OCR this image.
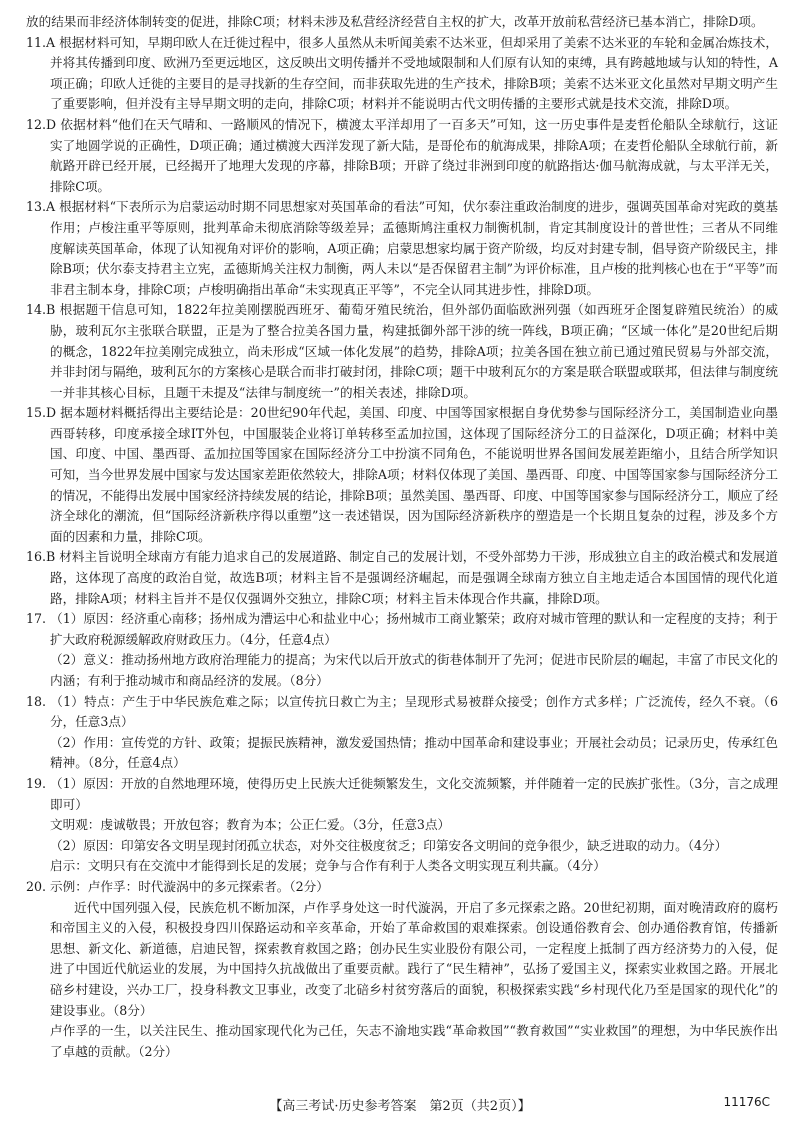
放的结果而非经济体制转变的促进，排除C项；材料未涉及私营经济经营自主权的扩大，改革开放前私营经济已基本消亡，排除D项。

11.A 根据材料可知，早期印欧人在迁徙过程中，很多人虽然从未听闻美索不达米亚，但却采用了美索不达米亚的车轮和金属冶炼技术，并将其传播到印度、欧洲乃至更远地区，这反映出文明传播并不受地域限制和人们原有认知的束缚，具有跨越地域与认知的特性，A项正确；印欧人迁徙的主要目的是寻找新的生存空间，而非获取先进的生产技术，排除B项；美索不达米亚文化虽然对早期文明产生了重要影响，但并没有主导早期文明的走向，排除C项；材料并不能说明古代文明传播的主要形式就是技术交流，排除D项。

12.D 依据材料“他们在天气晴和、一路顺风的情况下，横渡太平洋却用了一百多天”可知，这一历史事件是麦哲伦船队全球航行，这证实了地圆学说的正确性，D项正确；通过横渡大西洋发现了新大陆，是哥伦布的航海成果，排除A项；在麦哲伦船队全球航行前，新航路开辟已经开展，已经揭开了地理大发现的序幕，排除B项；开辟了绕过非洲到印度的航路指达·伽马航海成就，与太平洋无关，排除C项。

13.A 根据材料“下表所示为启蒙运动时期不同思想家对英国革命的看法”可知，伏尔泰注重政治制度的进步，强调英国革命对宪政的奠基作用；卢梭注重平等原则，批判革命未彻底消除等级差异；孟德斯鸠注重权力制衡机制，肯定其制度设计的普世性；三者从不同维度解读英国革命，体现了认知视角对评价的影响，A项正确；启蒙思想家均属于资产阶级，均反对封建专制，倡导资产阶级民主，排除B项；伏尔泰支持君主立宪，孟德斯鸠关注权力制衡，两人未以“是否保留君主制”为评价标准，且卢梭的批判核心也在于“平等”而非君主制本身，排除C项；卢梭明确指出革命“未实现真正平等”，不完全认同其进步性，排除D项。

14.B 根据题干信息可知，1822年拉美刚摆脱西班牙、葡萄牙殖民统治，但外部仍面临欧洲列强（如西班牙企图复辟殖民统治）的威胁，玻利瓦尔主张联合联盟，正是为了整合拉美各国力量，构建抵御外部干涉的统一阵线，B项正确；“区域一体化”是20世纪后期的概念，1822年拉美刚完成独立，尚未形成“区域一体化发展”的趋势，排除A项；拉美各国在独立前已通过殖民贸易与外部交流，并非封闭与隔绝，玻利瓦尔的方案核心是联合而非打破封闭，排除C项；题干中玻利瓦尔的方案是联合联盟或联邦，但法律与制度统一并非其核心目标，且题干未提及“法律与制度统一”的相关表述，排除D项。

15.D 据本题材料概括得出主要结论是：20世纪90年代起，美国、印度、中国等国家根据自身优势参与国际经济分工，美国制造业向墨西哥转移，印度承接全球IT外包，中国服装企业将订单转移至孟加拉国，这体现了国际经济分工的日益深化，D项正确；材料中美国、印度、中国、墨西哥、孟加拉国等国家在国际经济分工中扮演不同角色，不能说明世界各国间发展差距缩小，且结合所学知识可知，当今世界发展中国家与发达国家差距依然较大，排除A项；材料仅体现了美国、墨西哥、印度、中国等国家参与国际经济分工的情况，不能得出发展中国家经济持续发展的结论，排除B项；虽然美国、墨西哥、印度、中国等国家参与国际经济分工，顺应了经济全球化的潮流，但“国际经济新秩序得以重塑”这一表述错误，因为国际经济新秩序的塑造是一个长期且复杂的过程，涉及多个方面的因素和力量，排除C项。

16.B 材料主旨说明全球南方有能力追求自己的发展道路、制定自己的发展计划，不受外部势力干涉，形成独立自主的政治模式和发展道路，这体现了高度的政治自觉，故选B项；材料主旨不是强调经济崛起，而是强调全球南方独立自主地走适合本国国情的现代化道路，排除A项；材料主旨并不是仅仅强调外交独立，排除C项；材料主旨未体现合作共赢，排除D项。

17. （1）原因：经济重心南移；扬州成为漕运中心和盐业中心；扬州城市工商业繁荣；政府对城市管理的默认和一定程度的支持；利于扩大政府税源缓解政府财政压力。（4分，任意4点）

（2）意义：推动扬州地方政府治理能力的提高；为宋代以后开放式的街巷体制开了先河；促进市民阶层的崛起，丰富了市民文化的内涵；有利于推动城市和商品经济的发展。（8分）

18. （1）特点：产生于中华民族危难之际；以宣传抗日救亡为主；呈现形式易被群众接受；创作方式多样；广泛流传，经久不衰。（6分，任意3点）

（2）作用：宣传党的方针、政策；提振民族精神，激发爱国热情；推动中国革命和建设事业；开展社会动员；记录历史，传承红色精神。（8分，任意4点）

19. （1）原因：开放的自然地理环境，使得历史上民族大迁徙频繁发生，文化交流频繁，并伴随着一定的民族扩张性。（3分，言之成理即可）

文明观：虔诚敬畏；开放包容；教育为本；公正仁爱。（3分，任意3点）

（2）原因：印第安各文明呈现封闭孤立状态，对外交往极度贫乏；印第安各文明间的竞争很少，缺乏进取的动力。（4分）

启示：文明只有在交流中才能得到长足的发展；竞争与合作有利于人类各文明实现互利共赢。（4分）

20. 示例：卢作孚：时代漩涡中的多元探索者。（2分）

近代中国列强入侵，民族危机不断加深，卢作孚身处这一时代漩涡，开启了多元探索之路。20世纪初期，面对晚清政府的腐朽和帝国主义的入侵，积极投身四川保路运动和辛亥革命，开始了革命救国的艰难探索。创设通俗教育会、创办通俗教育馆，传播新思想、新文化、新道德，启迪民智，探索教育救国之路；创办民生实业股份有限公司，一定程度上抵制了西方经济势力的入侵，促进了中国近代航运业的发展，为中国持久抗战做出了重要贡献。践行了“民生精神”，弘扬了爱国主义，探索实业救国之路。开展北碚乡村建设，兴办工厂，投身科教文卫事业，改变了北碚乡村贫穷落后的面貌，积极探索实践“乡村现代化乃至是国家的现代化”的建设事业。（8分）

卢作孚的一生，以关注民生、推动国家现代化为己任，矢志不渝地实践“革命救国”“教育救国”“实业救国”的理想，为中华民族作出了卓越的贡献。（2分）

【高三考试·历史参考答案　第2页（共2页）】	11176C
